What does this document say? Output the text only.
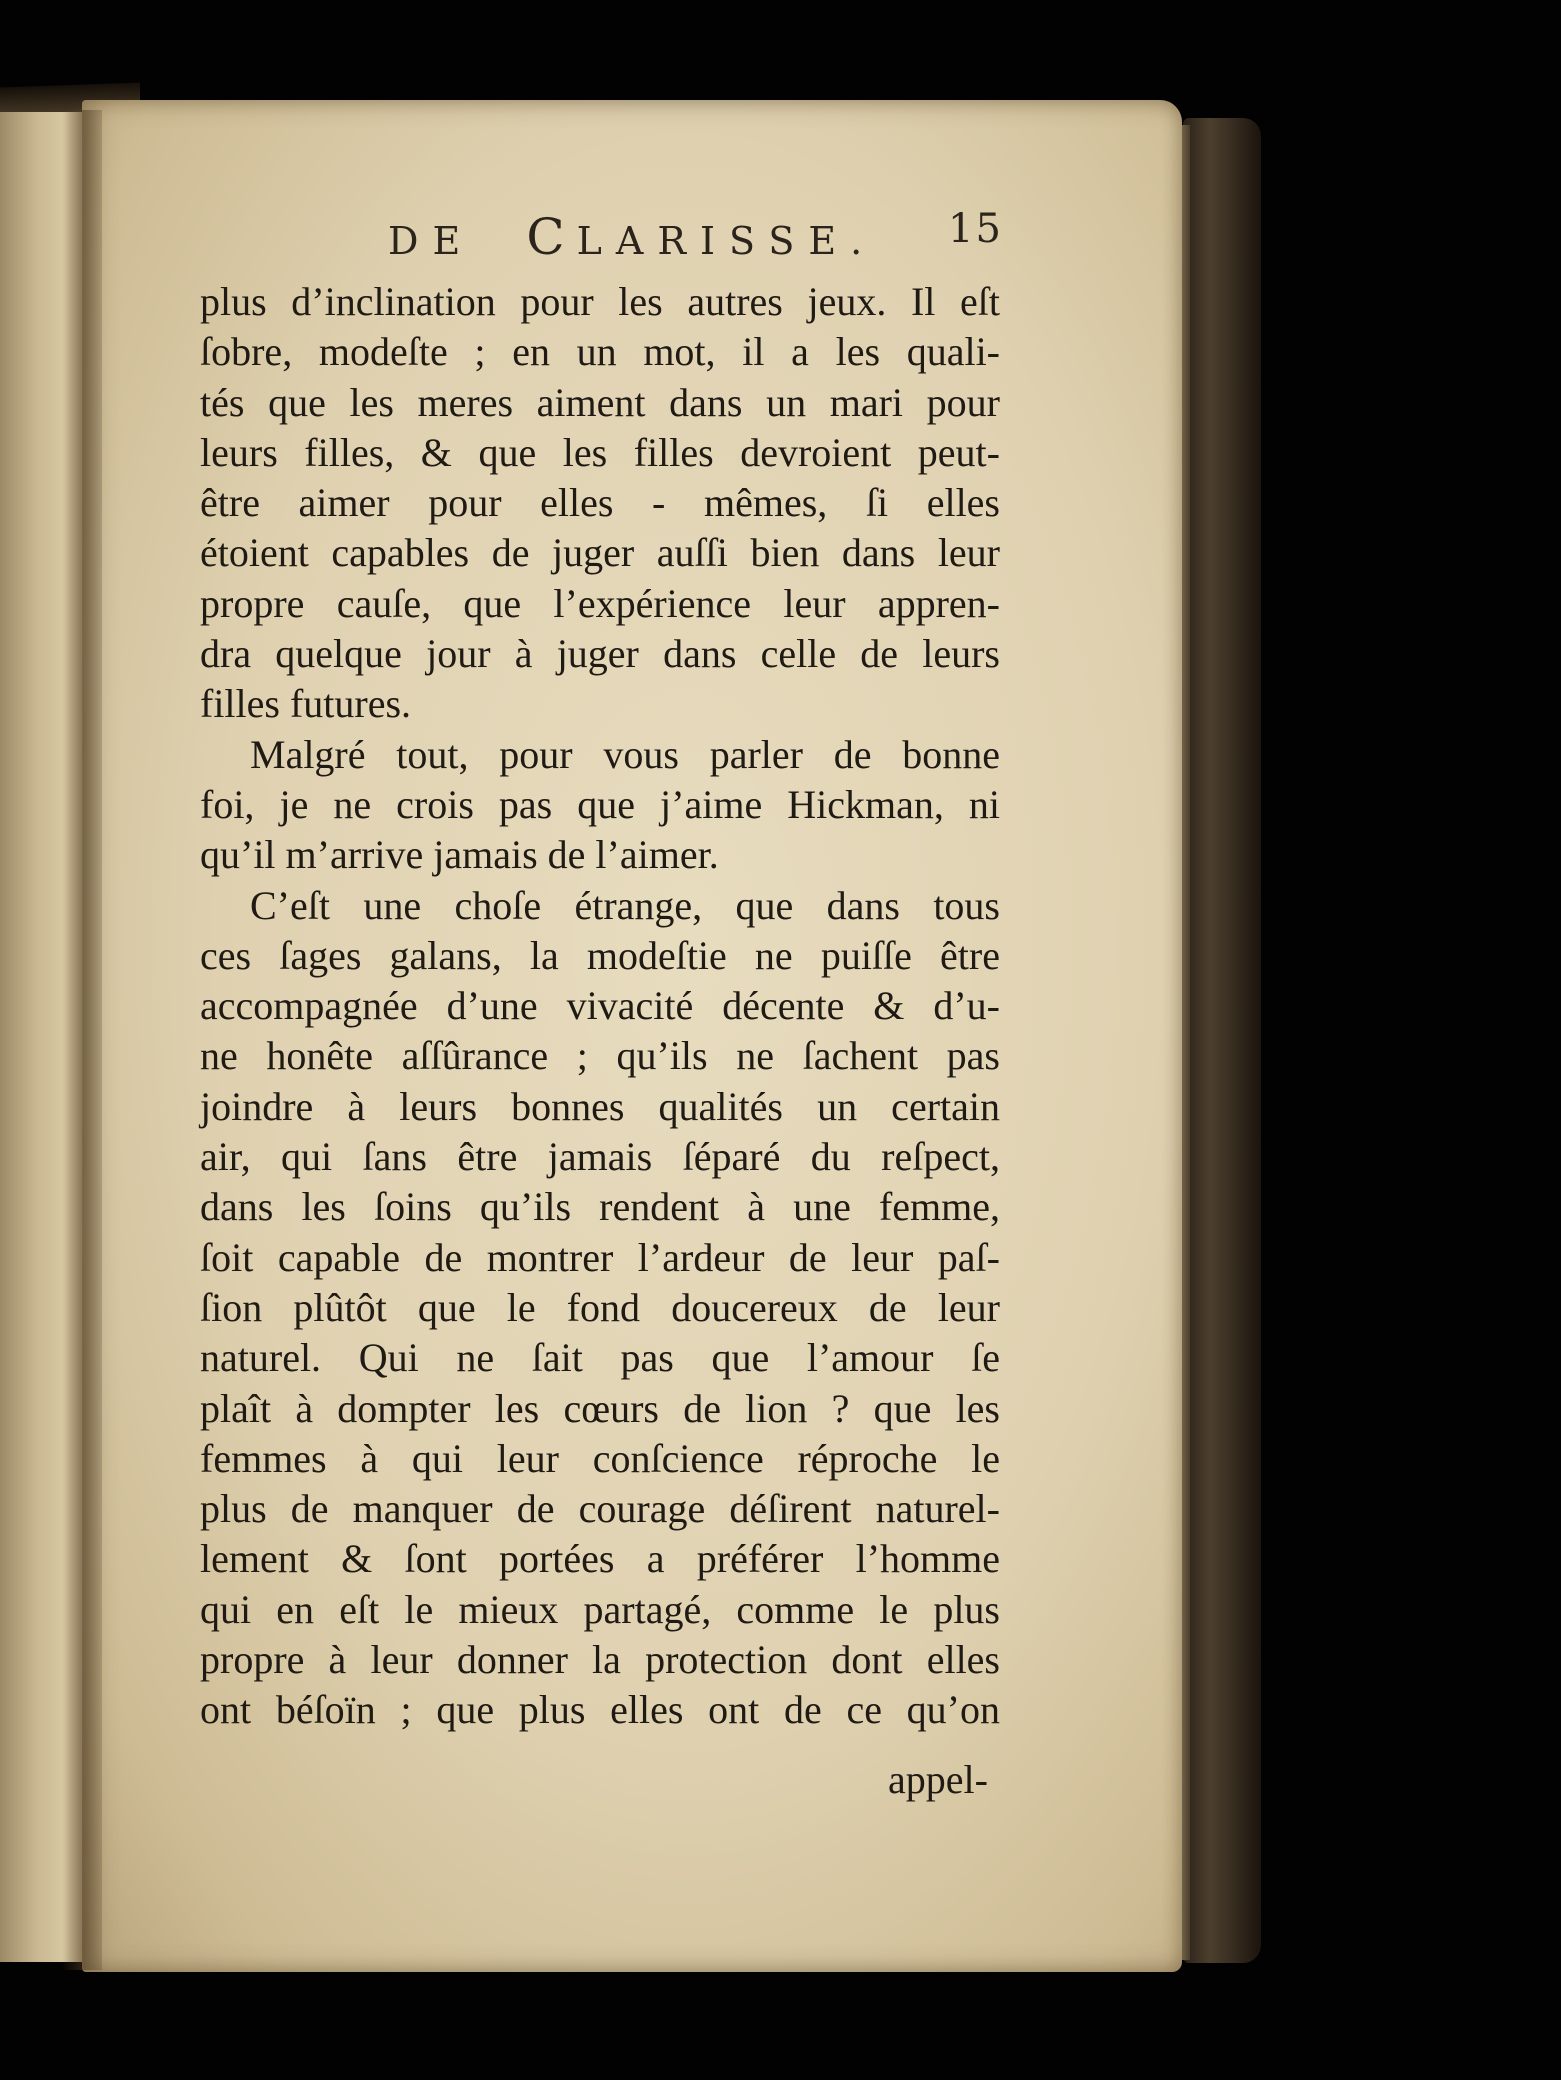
DE CLARISSE. 15
plus d’inclination pour les autres jeux. Il eſt
ſobre, modeſte ; en un mot, il a les quali-
tés que les meres aiment dans un mari pour
leurs filles, & que les filles devroient peut-
être aimer pour elles - mêmes, ſi elles
étoient capables de juger auſſi bien dans leur
propre cauſe, que l’expérience leur appren-
dra quelque jour à juger dans celle de leurs
filles futures.
Malgré tout, pour vous parler de bonne
foi, je ne crois pas que j’aime Hickman, ni
qu’il m’arrive jamais de l’aimer.
C’eſt une choſe étrange, que dans tous
ces ſages galans, la modeſtie ne puiſſe être
accompagnée d’une vivacité décente & d’u-
ne honête aſſûrance ; qu’ils ne ſachent pas
joindre à leurs bonnes qualités un certain
air, qui ſans être jamais ſéparé du reſpect,
dans les ſoins qu’ils rendent à une femme,
ſoit capable de montrer l’ardeur de leur paſ-
ſion plûtôt que le fond doucereux de leur
naturel. Qui ne ſait pas que l’amour ſe
plaît à dompter les cœurs de lion ? que les
femmes à qui leur conſcience réproche le
plus de manquer de courage déſirent naturel-
lement & ſont portées a préférer l’homme
qui en eſt le mieux partagé, comme le plus
propre à leur donner la protection dont elles
ont béſoïn ; que plus elles ont de ce qu’on
appel-
